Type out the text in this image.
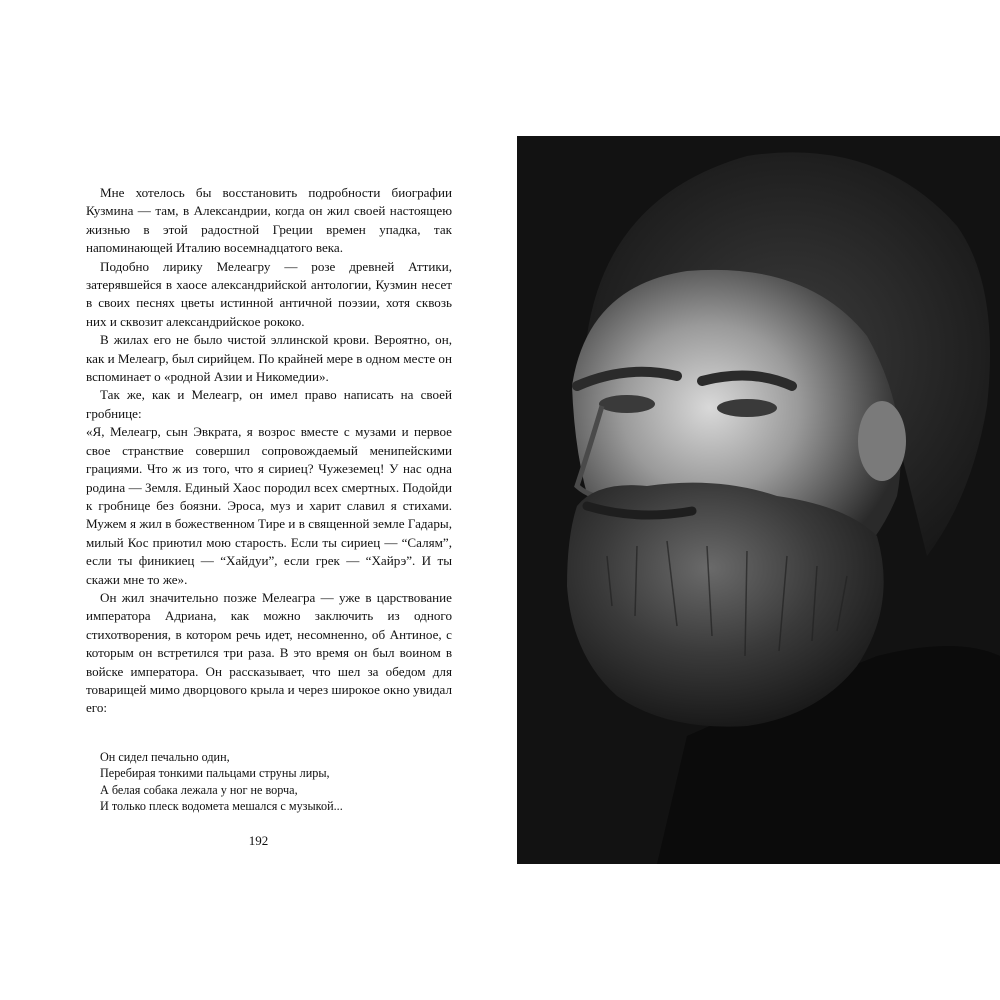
Мне хотелось бы восстановить подробности биографии Кузмина — там, в Александрии, когда он жил своей настоящею жизнью в этой радостной Греции времен упадка, так напоминающей Италию восемнадцатого века.

Подобно лирику Мелеагру — розе древней Аттики, затерявшейся в хаосе александрийской антологии, Кузмин несет в своих песнях цветы истинной античной поэзии, хотя сквозь них и сквозит александрийское рококо.

В жилах его не было чистой эллинской крови. Вероятно, он, как и Мелеагр, был сирийцем. По крайней мере в одном месте он вспоминает о «родной Азии и Никомедии».

Так же, как и Мелеагр, он имел право написать на своей гробнице:

«Я, Мелеагр, сын Эвкрата, я возрос вместе с музами и первое свое странствие совершил сопровождаемый менипейскими грациями. Что ж из того, что я сириец? Чужеземец! У нас одна родина — Земля. Единый Хаос породил всех смертных. Подойди к гробнице без боязни. Эроса, муз и харит славил я стихами. Мужем я жил в божественном Тире и в священной земле Гадары, милый Кос приютил мою старость. Если ты сириец — “Салям”, если ты финикиец — “Хайдуи”, если грек — “Хайрэ”. И ты скажи мне то же».

Он жил значительно позже Мелеагра — уже в царствование императора Адриана, как можно заключить из одного стихотворения, в котором речь идет, несомненно, об Антиное, с которым он встретился три раза. В это время он был воином в войске императора. Он рассказывает, что шел за обедом для товарищей мимо дворцового крыла и через широкое окно увидал его:

Он сидел печально один,
Перебирая тонкими пальцами струны лиры,
А белая собака лежала у ног не ворча,
И только плеск водомета мешался с музыкой...
192
